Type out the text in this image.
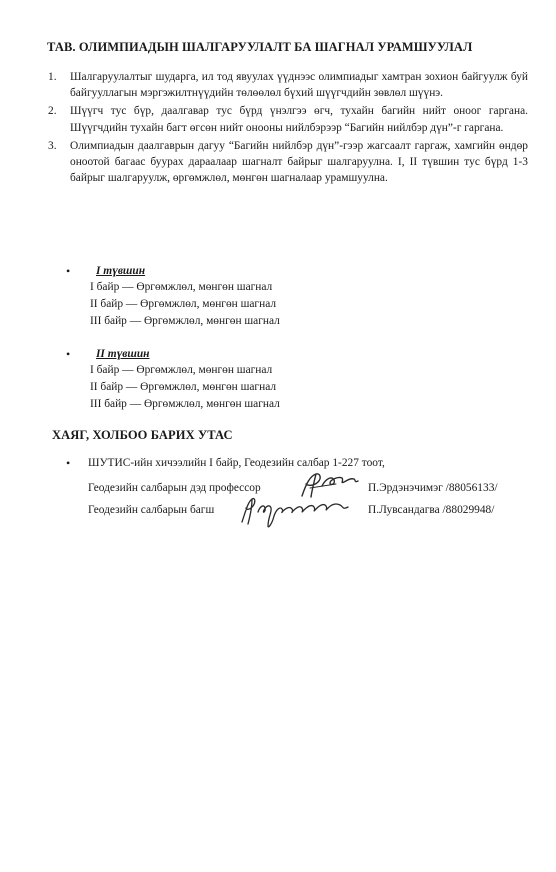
ТАВ. ОЛИМПИАДЫН ШАЛГАРУУЛАЛТ БА ШАГНАЛ УРАМШУУЛАЛ
1. Шалгаруулалтыг шударга, ил тод явуулах үүднээс олимпиадыг хамтран зохион байгуулж буй байгууллагын мэргэжилтнүүдийн төлөөлөл бүхий шүүгчдийн зөвлөл шүүнэ.
2. Шүүгч тус бүр, даалгавар тус бүрд үнэлгээ өгч, тухайн багийн нийт оноог гаргана. Шүүгчдийн тухайн багт өгсөн нийт онооны нийлбэрээр “Багийн нийлбэр дүн”-г гаргана.
3. Олимпиадын даалгаврын дагуу “Багийн нийлбэр дүн”-гээр жагсаалт гаргаж, хамгийн өндөр оноотой багаас буурах дараалаар шагналт байрыг шалгаруулна. I, II түвшин тус бүрд 1-3 байрыг шалгаруулж, өргөмжлөл, мөнгөн шагналаар урамшуулна.
• I түвшин
I байр — Өргөмжлөл, мөнгөн шагнал
II байр — Өргөмжлөл, мөнгөн шагнал
III байр — Өргөмжлөл, мөнгөн шагнал
• II түвшин
I байр — Өргөмжлөл, мөнгөн шагнал
II байр — Өргөмжлөл, мөнгөн шагнал
III байр — Өргөмжлөл, мөнгөн шагнал
ХАЯГ, ХОЛБОО БАРИХ УТАС
• ШУТИС-ийн хичээлийн I байр, Геодезийн салбар 1-227 тоот,
Геодезийн салбарын дэд профессор	П.Эрдэнэчимэг /88056133/
Геодезийн салбарын багш	П.Лувсандагва /88029948/
